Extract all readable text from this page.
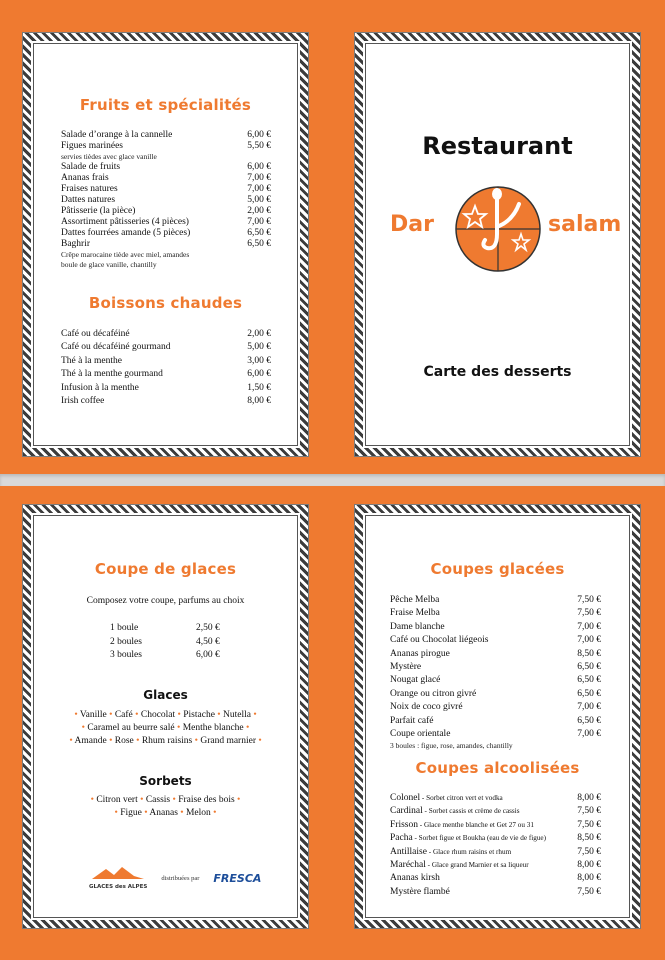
Fruits et spécialités
Salade d’orange à la cannelle	6,00 €
Figues marinées	5,50 €
servies tièdes avec glace vanille
Salade de fruits	6,00 €
Ananas frais	7,00 €
Fraises natures	7,00 €
Dattes natures	5,00 €
Pâtisserie (la pièce)	2,00 €
Assortiment pâtisseries (4 pièces)	7,00 €
Dattes fourrées amande (5 pièces)	6,50 €
Baghrir	6,50 €
Crêpe marocaine tiède avec miel, amandes
boule de glace vanille, chantilly
Boissons chaudes
Café ou décaféiné	2,00 €
Café ou décaféiné gourmand	5,00 €
Thé à la menthe	3,00 €
Thé à la menthe gourmand	6,00 €
Infusion à la menthe	1,50 €
Irish coffee	8,00 €
Restaurant
Dar	salam
Carte des desserts
Coupe de glaces
Composez votre coupe, parfums au choix
1 boule	2,50 €
2 boules	4,50 €
3 boules	6,00 €
Glaces
• Vanille • Café • Chocolat • Pistache • Nutella •
• Caramel au beurre salé • Menthe blanche •
• Amande • Rose • Rhum raisins • Grand marnier •
Sorbets
• Citron vert • Cassis • Fraise des bois •
• Figue • Ananas • Melon •
GLACES des ALPES
distribuées par FRESCA
Coupes glacées
Pêche Melba	7,50 €
Fraise Melba	7,50 €
Dame blanche	7,00 €
Café ou Chocolat liégeois	7,00 €
Ananas pirogue	8,50 €
Mystère	6,50 €
Nougat glacé	6,50 €
Orange ou citron givré	6,50 €
Noix de coco givré	7,00 €
Parfait café	6,50 €
Coupe orientale	7,00 €
3 boules : figue, rose, amandes, chantilly
Coupes alcoolisées
Colonel - Sorbet citron vert et vodka	8,00 €
Cardinal - Sorbet cassis et crème de cassis	7,50 €
Frisson - Glace menthe blanche et Get 27 ou 31	7,50 €
Pacha - Sorbet figue et Boukha (eau de vie de figue)	8,50 €
Antillaise - Glace rhum raisins et rhum	7,50 €
Maréchal - Glace grand Marnier et sa liqueur	8,00 €
Ananas kirsh	8,00 €
Mystère flambé	7,50 €
